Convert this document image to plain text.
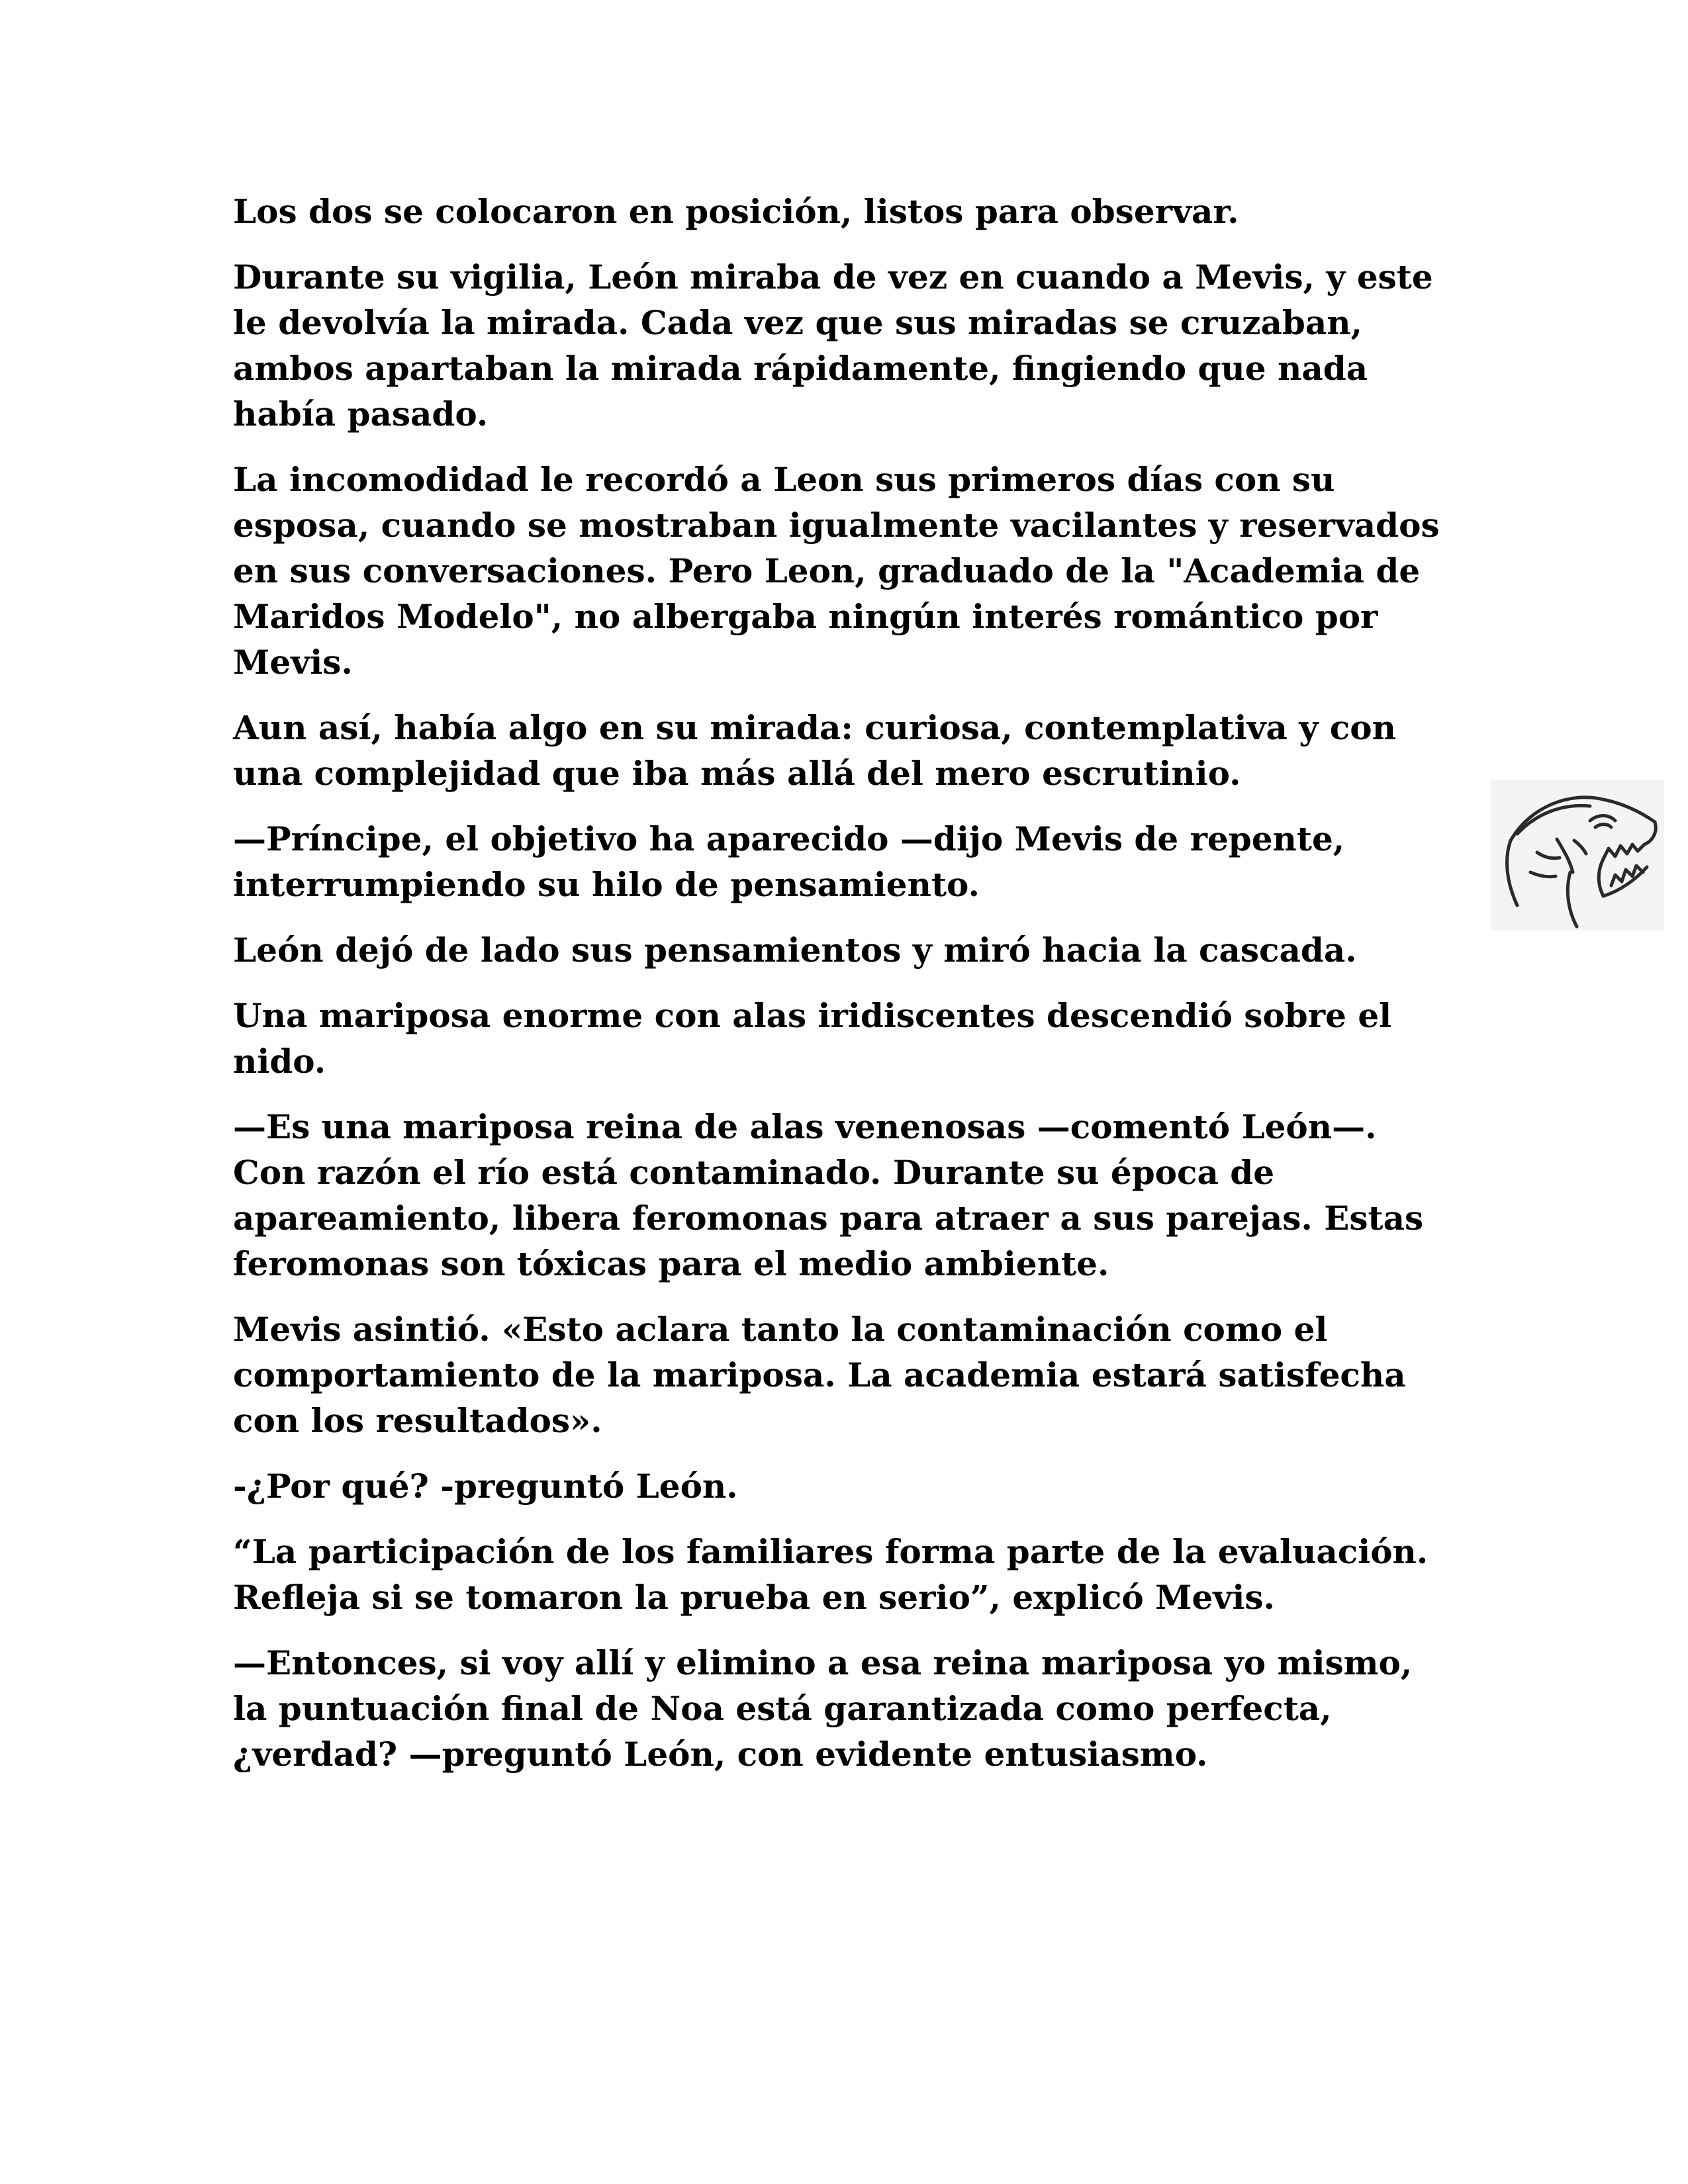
Los dos se colocaron en posición, listos para observar.

Durante su vigilia, León miraba de vez en cuando a Mevis, y este le devolvía la mirada. Cada vez que sus miradas se cruzaban, ambos apartaban la mirada rápidamente, fingiendo que nada había pasado.

La incomodidad le recordó a Leon sus primeros días con su esposa, cuando se mostraban igualmente vacilantes y reservados en sus conversaciones. Pero Leon, graduado de la "Academia de Maridos Modelo", no albergaba ningún interés romántico por Mevis.

Aun así, había algo en su mirada: curiosa, contemplativa y con una complejidad que iba más allá del mero escrutinio.

—Príncipe, el objetivo ha aparecido —dijo Mevis de repente, interrumpiendo su hilo de pensamiento.

León dejó de lado sus pensamientos y miró hacia la cascada.

Una mariposa enorme con alas iridiscentes descendió sobre el nido.

—Es una mariposa reina de alas venenosas —comentó León—. Con razón el río está contaminado. Durante su época de apareamiento, libera feromonas para atraer a sus parejas. Estas feromonas son tóxicas para el medio ambiente.

Mevis asintió. «Esto aclara tanto la contaminación como el comportamiento de la mariposa. La academia estará satisfecha con los resultados».

-¿Por qué? -preguntó León.

“La participación de los familiares forma parte de la evaluación. Refleja si se tomaron la prueba en serio”, explicó Mevis.

—Entonces, si voy allí y elimino a esa reina mariposa yo mismo, la puntuación final de Noa está garantizada como perfecta, ¿verdad? —preguntó León, con evidente entusiasmo.
